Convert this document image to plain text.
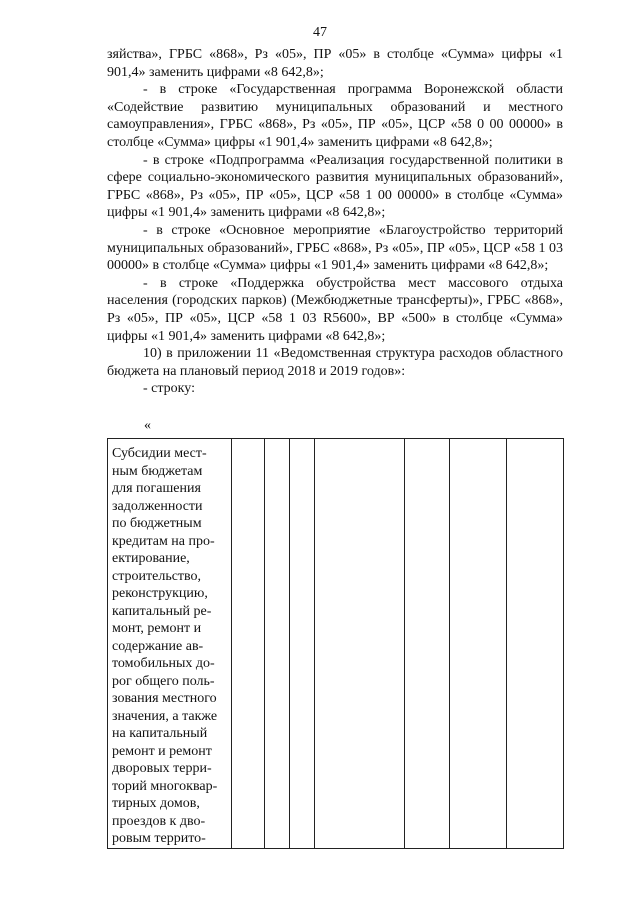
47

зяйства», ГРБС «868», Рз «05», ПР «05» в столбце «Сумма» цифры «1 901,4» заменить цифрами «8 642,8»;

- в строке «Государственная программа Воронежской области «Содействие развитию муниципальных образований и местного самоуправления», ГРБС «868», Рз «05», ПР «05», ЦСР «58 0 00 00000» в столбце «Сумма» цифры «1 901,4» заменить цифрами «8 642,8»;

- в строке «Подпрограмма «Реализация государственной политики в сфере социально-экономического развития муниципальных образований», ГРБС «868», Рз «05», ПР «05», ЦСР «58 1 00 00000» в столбце «Сумма» цифры «1 901,4» заменить цифрами «8 642,8»;

- в строке «Основное мероприятие «Благоустройство территорий муниципальных образований», ГРБС «868», Рз «05», ПР «05», ЦСР «58 1 03 00000» в столбце «Сумма» цифры «1 901,4» заменить цифрами «8 642,8»;

- в строке «Поддержка обустройства мест массового отдыха населения (городских парков) (Межбюджетные трансферты)», ГРБС «868», Рз «05», ПР «05», ЦСР «58 1 03 R5600», ВР «500» в столбце «Сумма» цифры «1 901,4» заменить цифрами «8 642,8»;

10) в приложении 11 «Ведомственная структура расходов областного бюджета на плановый период 2018 и 2019 годов»:

- строку:

«
Субсидии мест-
ным бюджетам
для погашения
задолженности
по бюджетным
кредитам на про-
ектирование,
строительство,
реконструкцию,
капитальный ре-
монт, ремонт и
содержание ав-
томобильных до-
рог общего поль-
зования местного
значения, а также
на капитальный
ремонт и ремонт
дворовых терри-
торий многоквар-
тирных домов,
проездов к дво-
ровым террито-
